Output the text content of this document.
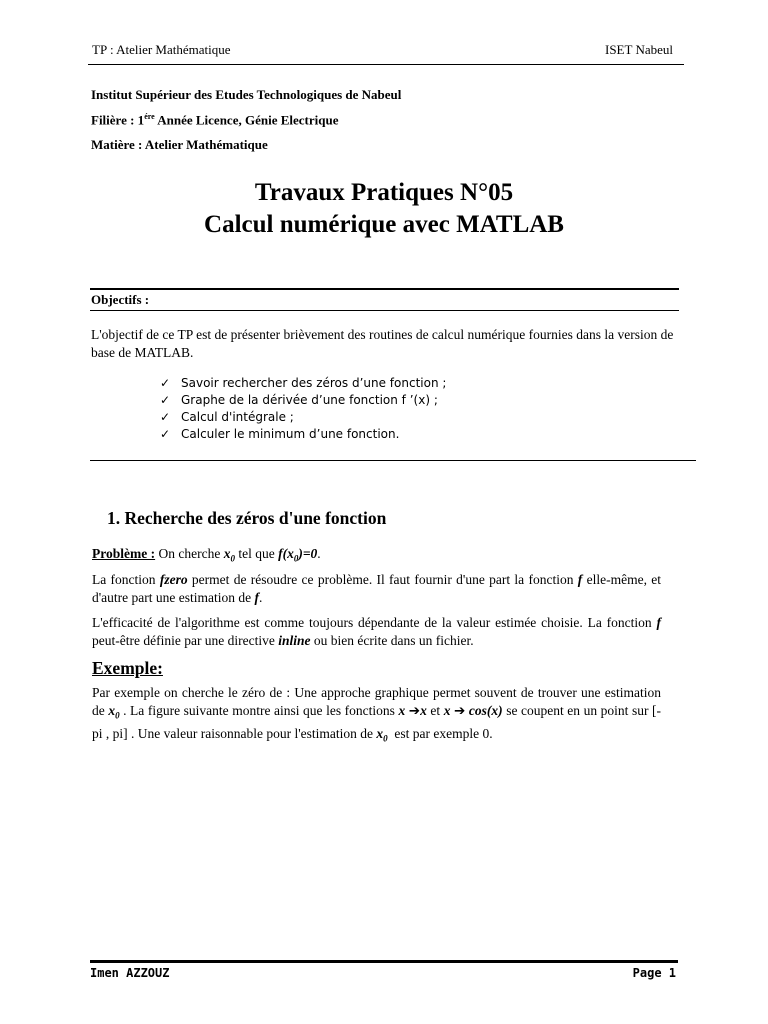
TP : Atelier Mathématique	ISET Nabeul
Institut Supérieur des Etudes Technologiques de Nabeul
Filière : $1^{ére}$ Année Licence, Génie Electrique
Matière : Atelier Mathématique
Travaux Pratiques N°05
Calcul numérique avec MATLAB
Objectifs :
L'objectif de ce TP est de présenter brièvement des routines de calcul numérique fournies dans la version de base de MATLAB.
✓ Savoir rechercher des zéros d’une fonction ;
✓ Graphe de la dérivée d’une fonction f ’(x) ;
✓ Calcul d'intégrale ;
✓ Calculer le minimum d’une fonction.
1. Recherche des zéros d'une fonction
Problème : On cherche $x_0$ tel que $f(x_0)=0$.
La fonction fzero permet de résoudre ce problème. Il faut fournir d'une part la fonction f elle-même, et d'autre part une estimation de f.
L'efficacité de l'algorithme est comme toujours dépendante de la valeur estimée choisie. La fonction f peut-être définie par une directive inline ou bien écrite dans un fichier.
Exemple:
Par exemple on cherche le zéro de : Une approche graphique permet souvent de trouver une estimation de $x_0$ . La figure suivante montre ainsi que les fonctions x ➔x et x ➔ cos(x) se coupent en un point sur [-pi , pi] . Une valeur raisonnable pour l'estimation de $x_0$  est par exemple 0.
Imen AZZOUZ	Page 1
